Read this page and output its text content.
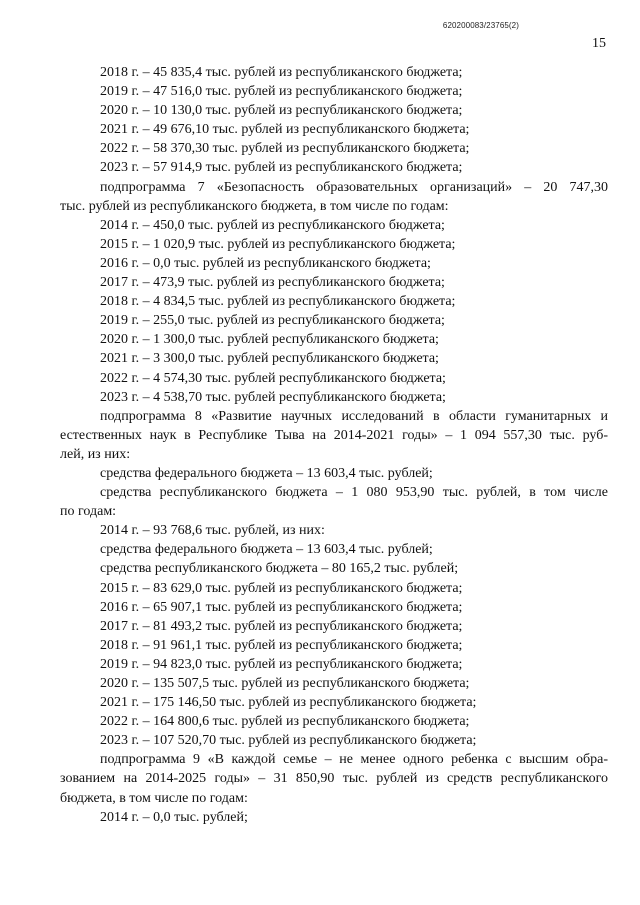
620200083/23765(2)
15
2018 г. – 45 835,4 тыс. рублей из республиканского бюджета;
2019 г. – 47 516,0 тыс. рублей из республиканского бюджета;
2020 г. – 10 130,0 тыс. рублей из республиканского бюджета;
2021 г. – 49 676,10 тыс. рублей из республиканского бюджета;
2022 г. – 58 370,30 тыс. рублей из республиканского бюджета;
2023 г. – 57 914,9 тыс. рублей из республиканского бюджета;
подпрограмма 7 «Безопасность образовательных организаций» – 20 747,30
тыс. рублей из республиканского бюджета, в том числе по годам:
2014 г. – 450,0 тыс. рублей из республиканского бюджета;
2015 г. – 1 020,9 тыс. рублей из республиканского бюджета;
2016 г. – 0,0 тыс. рублей из республиканского бюджета;
2017 г. – 473,9 тыс. рублей из республиканского бюджета;
2018 г. – 4 834,5 тыс. рублей из республиканского бюджета;
2019 г. – 255,0 тыс. рублей из республиканского бюджета;
2020 г. – 1 300,0 тыс. рублей республиканского бюджета;
2021 г. – 3 300,0 тыс. рублей республиканского бюджета;
2022 г. – 4 574,30 тыс. рублей республиканского бюджета;
2023 г. – 4 538,70 тыс. рублей республиканского бюджета;
подпрограмма 8 «Развитие научных исследований в области гуманитарных и
естественных наук в Республике Тыва на 2014-2021 годы» – 1 094 557,30 тыс. руб-
лей, из них:
средства федерального бюджета – 13 603,4 тыс. рублей;
средства республиканского бюджета – 1 080 953,90 тыс. рублей, в том числе
по годам:
2014 г. – 93 768,6 тыс. рублей, из них:
средства федерального бюджета – 13 603,4 тыс. рублей;
средства республиканского бюджета – 80 165,2 тыс. рублей;
2015 г. – 83 629,0 тыс. рублей из республиканского бюджета;
2016 г. – 65 907,1 тыс. рублей из республиканского бюджета;
2017 г. – 81 493,2 тыс. рублей из республиканского бюджета;
2018 г. – 91 961,1 тыс. рублей из республиканского бюджета;
2019 г. – 94 823,0 тыс. рублей из республиканского бюджета;
2020 г. – 135 507,5 тыс. рублей из республиканского бюджета;
2021 г. – 175 146,50 тыс. рублей из республиканского бюджета;
2022 г. – 164 800,6 тыс. рублей из республиканского бюджета;
2023 г. – 107 520,70 тыс. рублей из республиканского бюджета;
подпрограмма 9 «В каждой семье – не менее одного ребенка с высшим обра-
зованием на 2014-2025 годы» – 31 850,90 тыс. рублей из средств республиканского
бюджета, в том числе по годам:
2014 г. – 0,0 тыс. рублей;
